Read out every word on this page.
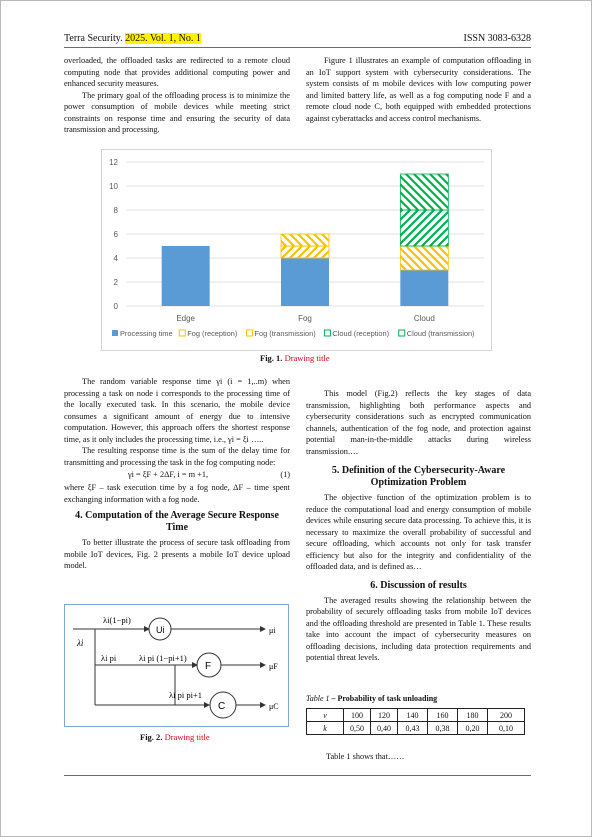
Terra Security. 2025. Vol. 1, No. 1	ISSN 3083-6328

overloaded, the offloaded tasks are redirected to a remote cloud computing node that provides additional computing power and enhanced security measures.

The primary goal of the offloading process is to minimize the power consumption of mobile devices while meeting strict constraints on response time and ensuring the security of data transmission and processing.

Figure 1 illustrates an example of computation offloading in an IoT support system with cybersecurity considerations. The system consists of m mobile devices with low computing power and limited battery life, as well as a fog computing node F and a remote cloud node C, both equipped with embedded protections against cyberattacks and access control mechanisms.

0
2
4
6
8
10
12
Edge	Fog	Cloud
Processing time Fog (reception) Fog (transmission) Cloud (reception) Cloud (transmission)
Fig. 1. Drawing title

The random variable response time γi (i = 1,..m) when processing a task on node i corresponds to the processing time of the locally executed task. In this scenario, the mobile device consumes a significant amount of energy due to intensive computation. However, this approach offers the shortest response time, as it only includes the processing time, i.e., γi = ξi …..

The resulting response time is the sum of the delay time for transmitting and processing the task in the fog computing node:

γi = ξF + 2ΔF, i = m +1,	(1)

where ξF – task execution time by a fog node, ΔF – time spent exchanging information with a fog node.

4. Computation of the Average Secure Response Time

To better illustrate the process of secure task offloading from mobile IoT devices, Fig. 2 presents a mobile IoT device upload model.

λi
λi(1−pi)
Ui	μi
λi pi	λi pi (1−pi+1)
F	μF
λi pi pi+1
C	μC
Fig. 2. Drawing title

This model (Fig.2) reflects the key stages of data transmission, highlighting both performance aspects and cybersecurity considerations such as encrypted communication channels, authentication of the fog node, and protection against potential man-in-the-middle attacks during wireless transmission.…

5. Definition of the Cybersecurity-Aware Optimization Problem

The objective function of the optimization problem is to reduce the computational load and energy consumption of mobile devices while ensuring secure data processing. To achieve this, it is necessary to maximize the overall probability of successful and secure offloading, which accounts not only for task transfer efficiency but also for the integrity and confidentiality of the offloaded data, and is defined as…

6. Discussion of results

The averaged results showing the relationship between the probability of securely offloading tasks from mobile IoT devices and the offloading threshold are presented in Table 1. These results take into account the impact of cybersecurity measures on offloading decisions, including data protection requirements and potential threat levels.

Table 1 – Probability of task unloading
v	100	120	140	160	180	200
k	0,50	0,40	0,43	0,38	0,20	0,10
Table 1 shows that……
